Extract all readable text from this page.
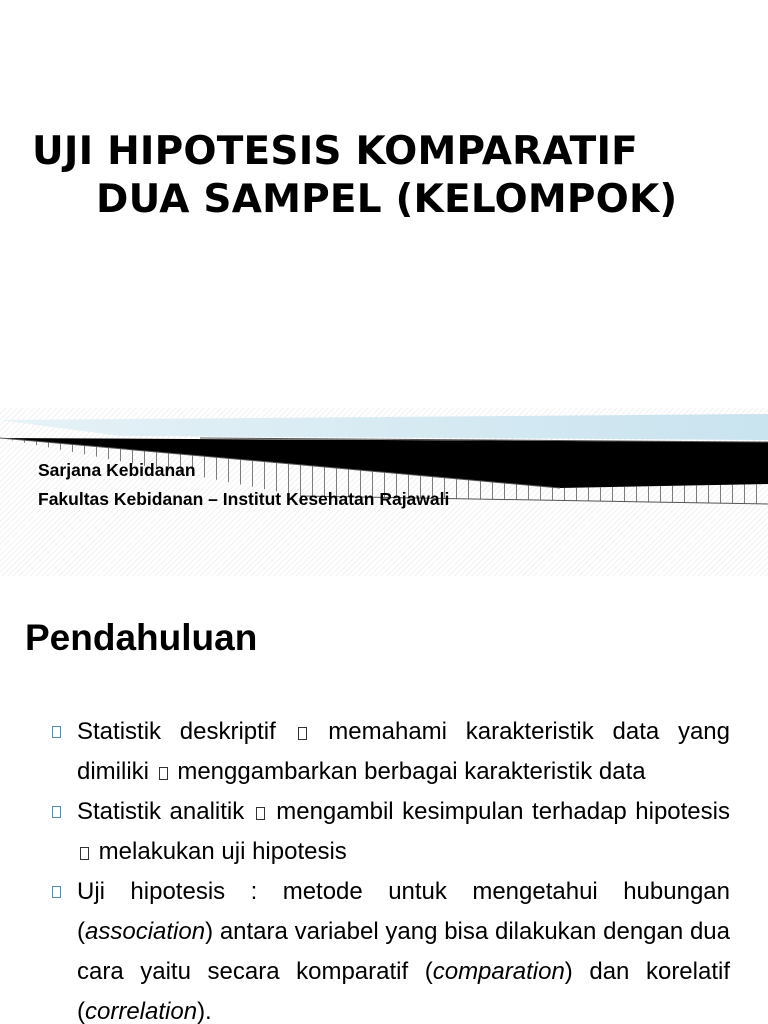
UJI HIPOTESIS KOMPARATIF
DUA SAMPEL (KELOMPOK)
Sarjana Kebidanan
Fakultas Kebidanan – Institut Kesehatan Rajawali
Pendahuluan
Statistik deskriptif  memahami karakteristik data yang dimiliki  menggambarkan berbagai karakteristik data
Statistik analitik  mengambil kesimpulan terhadap hipotesis  melakukan uji hipotesis
Uji hipotesis : metode untuk mengetahui hubungan (association) antara variabel yang bisa dilakukan dengan dua cara yaitu secara komparatif (comparation) dan korelatif (correlation).
